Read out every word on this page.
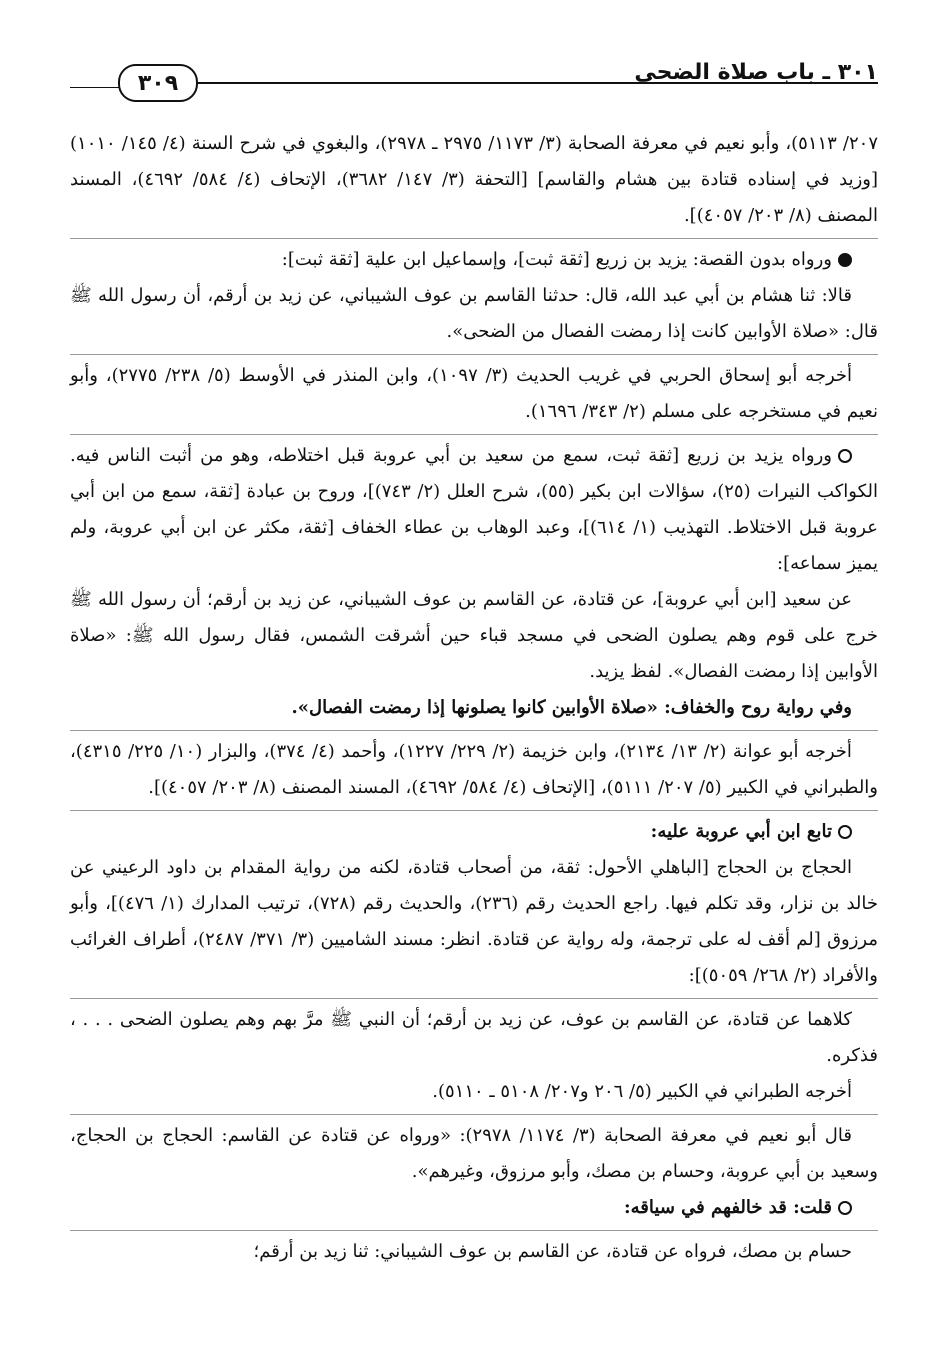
٣٠١ ـ باب صلاة الضحى
٣٠٩

٢٠٧/ ٥١١٣)، وأبو نعيم في معرفة الصحابة (٣/ ١١٧٣/ ٢٩٧٥ ـ ٢٩٧٨)، والبغوي في شرح السنة (٤/ ١٤٥/ ١٠١٠) [وزيد في إسناده قتادة بين هشام والقاسم] [التحفة (٣/ ١٤٧/ ٣٦٨٢)، الإتحاف (٤/ ٥٨٤/ ٤٦٩٢)، المسند المصنف (٨/ ٢٠٣/ ٤٠٥٧)].

ورواه بدون القصة: يزيد بن زريع [ثقة ثبت]، وإسماعيل ابن علية [ثقة ثبت]:

قالا: ثنا هشام بن أبي عبد الله، قال: حدثنا القاسم بن عوف الشيباني، عن زيد بن أرقم، أن رسول الله ﷺ قال: «صلاة الأوابين كانت إذا رمضت الفصال من الضحى».

أخرجه أبو إسحاق الحربي في غريب الحديث (٣/ ١٠٩٧)، وابن المنذر في الأوسط (٥/ ٢٣٨/ ٢٧٧٥)، وأبو نعيم في مستخرجه على مسلم (٢/ ٣٤٣/ ١٦٩٦).

ورواه يزيد بن زريع [ثقة ثبت، سمع من سعيد بن أبي عروبة قبل اختلاطه، وهو من أثبت الناس فيه. الكواكب النيرات (٢٥)، سؤالات ابن بكير (٥٥)، شرح العلل (٢/ ٧٤٣)]، وروح بن عبادة [ثقة، سمع من ابن أبي عروبة قبل الاختلاط. التهذيب (١/ ٦١٤)]، وعبد الوهاب بن عطاء الخفاف [ثقة، مكثر عن ابن أبي عروبة، ولم يميز سماعه]:

عن سعيد [ابن أبي عروبة]، عن قتادة، عن القاسم بن عوف الشيباني، عن زيد بن أرقم؛ أن رسول الله ﷺ خرج على قوم وهم يصلون الضحى في مسجد قباء حين أشرقت الشمس، فقال رسول الله ﷺ: «صلاة الأوابين إذا رمضت الفصال». لفظ يزيد.

وفي رواية روح والخفاف: «صلاة الأوابين كانوا يصلونها إذا رمضت الفصال».

أخرجه أبو عوانة (٢/ ١٣/ ٢١٣٤)، وابن خزيمة (٢/ ٢٢٩/ ١٢٢٧)، وأحمد (٤/ ٣٧٤)، والبزار (١٠/ ٢٢٥/ ٤٣١٥)، والطبراني في الكبير (٥/ ٢٠٧/ ٥١١١)، [الإتحاف (٤/ ٥٨٤/ ٤٦٩٢)، المسند المصنف (٨/ ٢٠٣/ ٤٠٥٧)].

تابع ابن أبي عروبة عليه:

الحجاج بن الحجاج [الباهلي الأحول: ثقة، من أصحاب قتادة، لكنه من رواية المقدام بن داود الرعيني عن خالد بن نزار، وقد تكلم فيها. راجع الحديث رقم (٢٣٦)، والحديث رقم (٧٢٨)، ترتيب المدارك (١/ ٤٧٦)]، وأبو مرزوق [لم أقف له على ترجمة، وله رواية عن قتادة. انظر: مسند الشاميين (٣/ ٣٧١/ ٢٤٨٧)، أطراف الغرائب والأفراد (٢/ ٢٦٨/ ٥٠٥٩)]:

كلاهما عن قتادة، عن القاسم بن عوف، عن زيد بن أرقم؛ أن النبي ﷺ مرَّ بهم وهم يصلون الضحى . . . ، فذكره.

أخرجه الطبراني في الكبير (٥/ ٢٠٦ و٢٠٧/ ٥١٠٨ ـ ٥١١٠).

قال أبو نعيم في معرفة الصحابة (٣/ ١١٧٤/ ٢٩٧٨): «ورواه عن قتادة عن القاسم: الحجاج بن الحجاج، وسعيد بن أبي عروبة، وحسام بن مصك، وأبو مرزوق، وغيرهم».

قلت: قد خالفهم في سياقه:

حسام بن مصك، فرواه عن قتادة، عن القاسم بن عوف الشيباني: ثنا زيد بن أرقم؛
